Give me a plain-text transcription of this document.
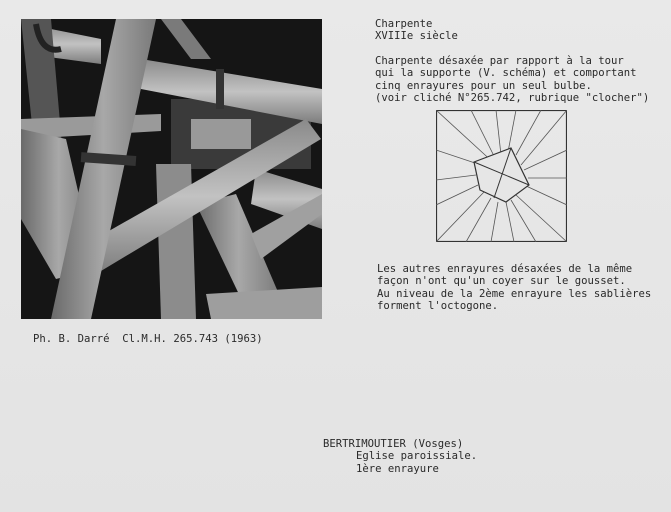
Charpente
XVIIIe siècle
Charpente désaxée par rapport à la tour
qui la supporte (V. schéma) et comportant
cinq enrayures pour un seul bulbe.
(voir cliché N°265.742, rubrique "clocher")
Les autres enrayures désaxées de la même
façon n'ont qu'un coyer sur le gousset.
Au niveau de la 2ème enrayure les sablières
forment l'octogone.
Ph. B. Darré  Cl.M.H. 265.743 (1963)
BERTRIMOUTIER (Vosges)

Eglise paroissiale.
1ère enrayure
